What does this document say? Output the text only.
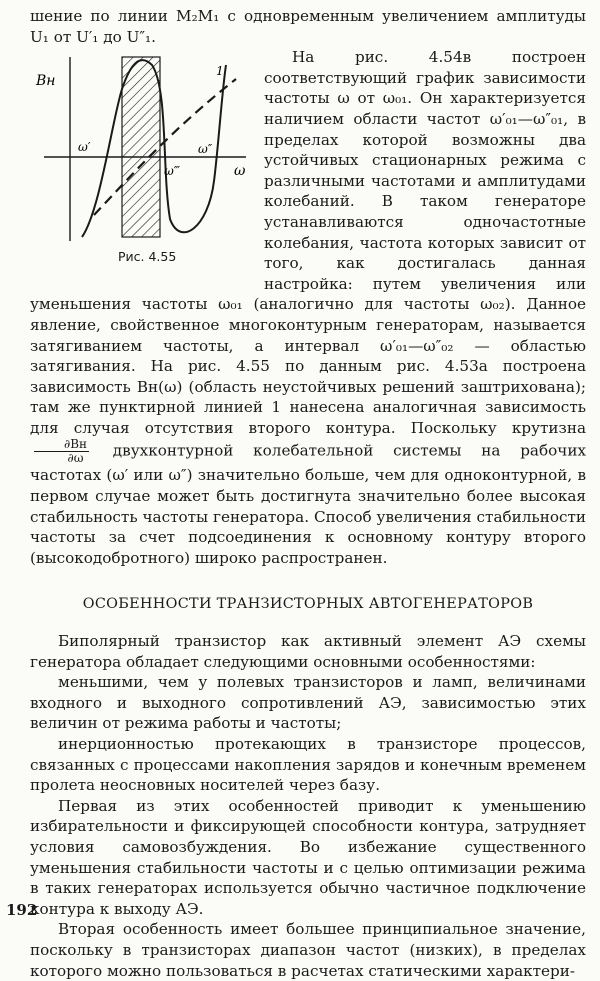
шение по линии M₂M₁ с одновременным увеличением амплитуды U₁ от U′₁ до U″₁.

Bн
ω
ω′
ω‴
ω″
1
Рис. 4.55
На рис. 4.54в построен соответствующий график зависимости частоты ω от ω₀₁. Он характеризуется наличием области частот ω′₀₁—ω″₀₁, в пределах которой возможны два устойчивых стационарных режима с различными частотами и амплитудами колебаний. В таком генераторе устанавливаются одночастотные колебания, частота которых зависит от того, как достигалась данная настройка: путем увеличения или уменьшения частоты ω₀₁ (аналогично для частоты ω₀₂). Данное явление, свойственное многоконтурным генераторам, называется затягиванием частоты, а интервал ω′₀₁—ω″₀₂ — областью затягивания. На рис. 4.55 по данным рис. 4.53а построена зависимость Bн(ω) (область неустойчивых решений заштрихована); там же пунктирной линией 1 нанесена аналогичная зависимость для случая отсутствия второго контура. Поскольку крутизна
$\frac{\partial Bн}{\partial\omega}$ двухконтурной колебательной системы на рабочих частотах (ω′ или ω″) значительно больше, чем для одноконтурной, в первом случае может быть достигнута значительно более высокая стабильность частоты генератора. Способ увеличения стабильности частоты за счет подсоединения к основному контуру второго (высокодобротного) широко распространен.

ОСОБЕННОСТИ ТРАНЗИСТОРНЫХ АВТОГЕНЕРАТОРОВ

Биполярный транзистор как активный элемент АЭ схемы генератора обладает следующими основными особенностями:

меньшими, чем у полевых транзисторов и ламп, величинами входного и выходного сопротивлений АЭ, зависимостью этих величин от режима работы и частоты;

инерционностью протекающих в транзисторе процессов, связанных с процессами накопления зарядов и конечным временем пролета неосновных носителей через базу.

Первая из этих особенностей приводит к уменьшению избирательности и фиксирующей способности контура, затрудняет условия самовозбуждения. Во избежание существенного уменьшения стабильности частоты и с целью оптимизации режима в таких генераторах используется обычно частичное подключение контура к выходу АЭ.

Вторая особенность имеет большее принципиальное значение, поскольку в транзисторах диапазон частот (низких), в пределах которого можно пользоваться в расчетах статическими характери-

192
